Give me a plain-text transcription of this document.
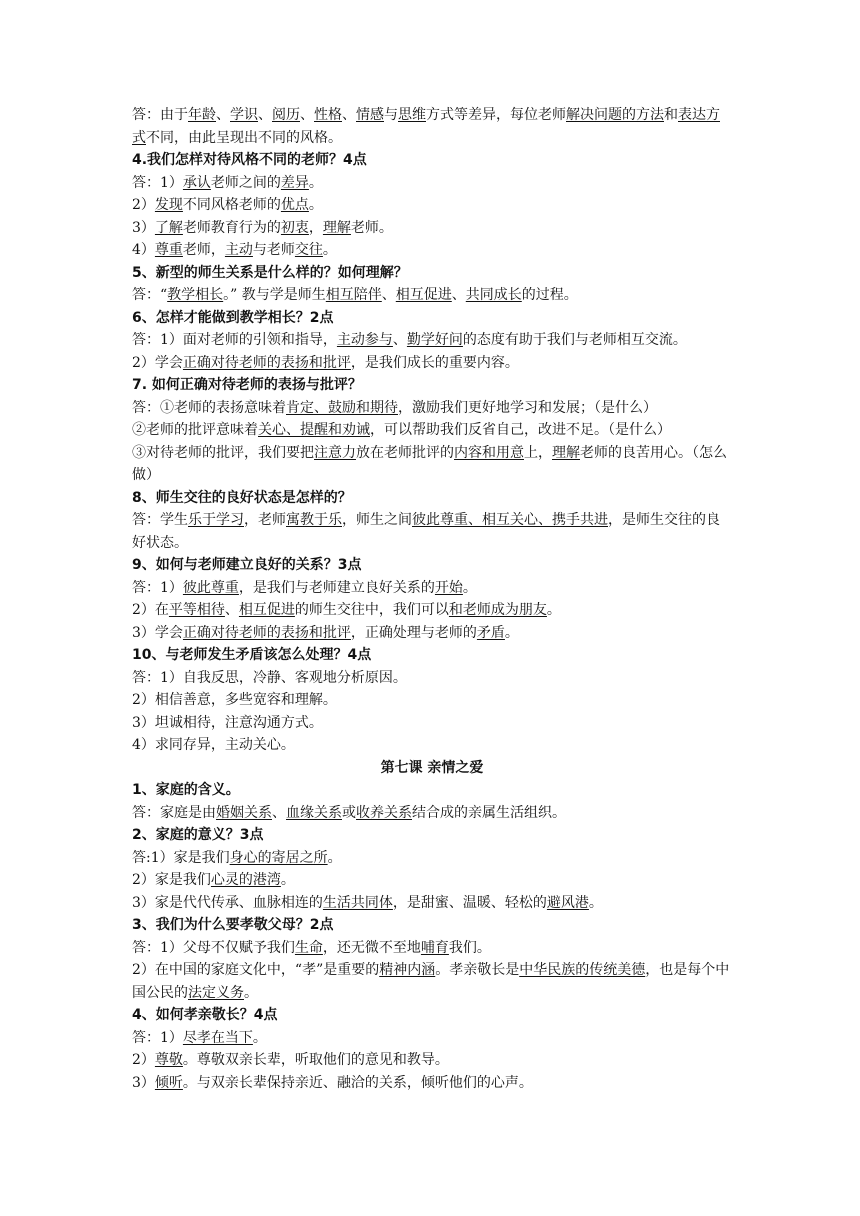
答：由于年龄、学识、阅历、性格、情感与思维方式等差异，每位老师解决问题的方法和表达方式不同，由此呈现出不同的风格。

4.我们怎样对待风格不同的老师？4点

答：1）承认老师之间的差异。

2）发现不同风格老师的优点。

3）了解老师教育行为的初衷，理解老师。

4）尊重老师，主动与老师交往。

5、新型的师生关系是什么样的？如何理解？

答：“教学相长。” 教与学是师生相互陪伴、相互促进、共同成长的过程。

6、怎样才能做到教学相长？2点

答：1）面对老师的引领和指导，主动参与、勤学好问的态度有助于我们与老师相互交流。

2）学会正确对待老师的表扬和批评，是我们成长的重要内容。

7. 如何正确对待老师的表扬与批评？

答：①老师的表扬意味着肯定、鼓励和期待，激励我们更好地学习和发展；（是什么）

②老师的批评意味着关心、提醒和劝诫，可以帮助我们反省自己，改进不足。（是什么）

③对待老师的批评，我们要把注意力放在老师批评的内容和用意上，理解老师的良苦用心。（怎么做）

8、师生交往的良好状态是怎样的？

答：学生乐于学习，老师寓教于乐，师生之间彼此尊重、相互关心、携手共进，是师生交往的良好状态。

9、如何与老师建立良好的关系？3点

答：1）彼此尊重，是我们与老师建立良好关系的开始。

2）在平等相待、相互促进的师生交往中，我们可以和老师成为朋友。

3）学会正确对待老师的表扬和批评，正确处理与老师的矛盾。

10、与老师发生矛盾该怎么处理？4点

答：1）自我反思，冷静、客观地分析原因。

2）相信善意，多些宽容和理解。

3）坦诚相待，注意沟通方式。

4）求同存异，主动关心。

第七课 亲情之爱

1、家庭的含义。

答：家庭是由婚姻关系、血缘关系或收养关系结合成的亲属生活组织。

2、家庭的意义？3点

答:1）家是我们身心的寄居之所。

2）家是我们心灵的港湾。

3）家是代代传承、血脉相连的生活共同体，是甜蜜、温暖、轻松的避风港。

3、我们为什么要孝敬父母？2点

答：1）父母不仅赋予我们生命，还无微不至地哺育我们。

2）在中国的家庭文化中，“孝”是重要的精神内涵。孝亲敬长是中华民族的传统美德，也是每个中国公民的法定义务。

4、如何孝亲敬长？4点

答：1）尽孝在当下。

2）尊敬。尊敬双亲长辈，听取他们的意见和教导。

3）倾听。与双亲长辈保持亲近、融洽的关系，倾听他们的心声。
